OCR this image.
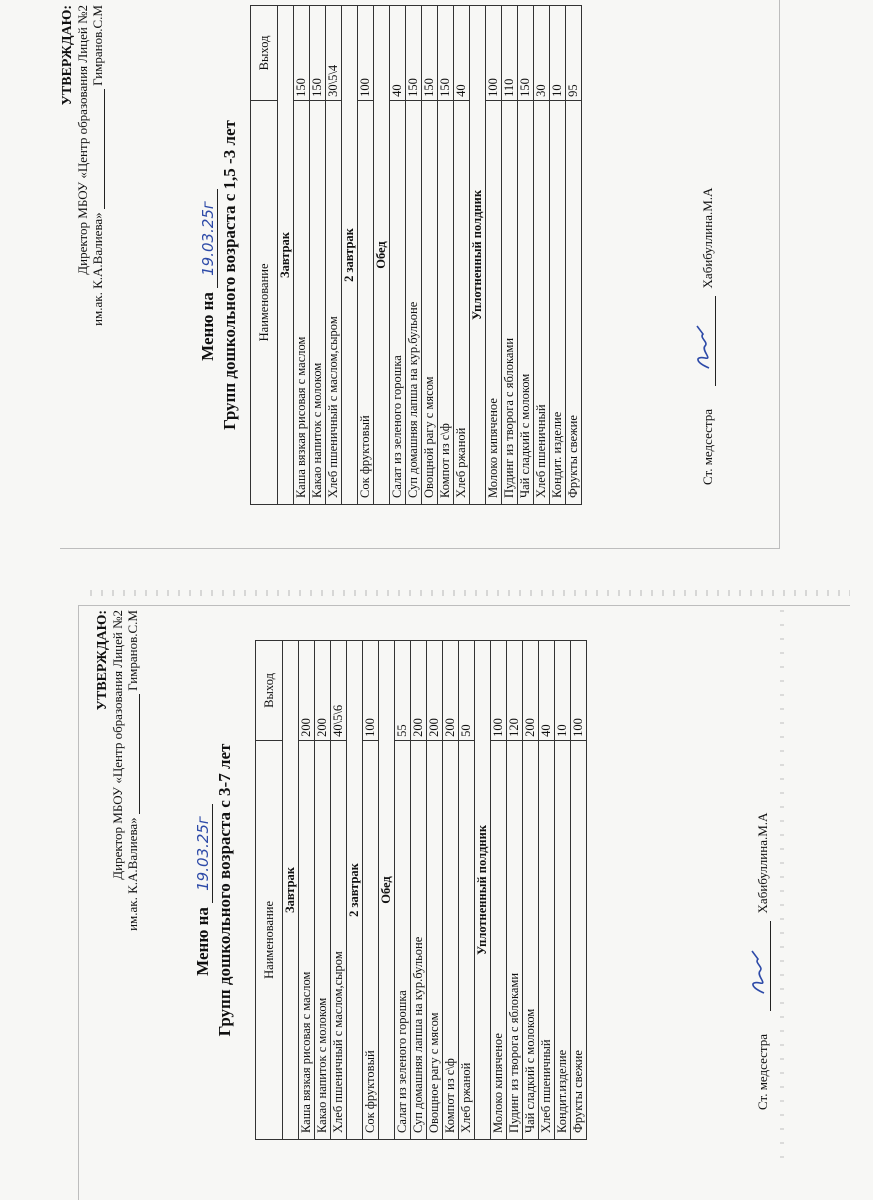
УТВЕРЖДАЮ: Директор МБОУ «Центр образования Лицей №2 им.ак. К.А.Валиева»  Гимранов.С.М
Меню на 19.03.25г Групп дошкольного возраста с 1,5 -3 лет Наименование	Выход
Завтрак	
Каша вязкая рисовая с маслом	150
Какао напиток с молоком	150
Хлеб пшеничный с маслом,сыром	30\5\4
2 завтрак	
Сок фруктовый	100
Обед	
Салат из зеленого горошка	40
Суп домашняя лапша на кур.бульоне	150
Овощной рагу с мясом	150
Компот из с\ф	150
Хлеб ржаной	40
Уплотненный полдник	
Молоко кипяченое	100
Пудинг из творога с яблоками	110
Чай сладкий с молоком	150
Хлеб пшеничный	30
Кондит. изделие	10
Фрукты свежие	95
Ст. медсестра
Хабибуллина.М.А
УТВЕРЖДАЮ: Директор МБОУ «Центр образования Лицей №2 им.ак. К.А.Валиева»  Гимранов.С.М
Меню на 19.03.25г Групп дошкольного возраста с 3-7 лет Наименование	Выход
Завтрак	
Каша вязкая рисовая с маслом	200
Какао напиток с молоком	200
Хлеб пшеничный с маслом,сыром	40\5\6
2 завтрак	
Сок фруктовый	100
Обед	
Салат из зеленого горошка	55
Суп домашняя лапша на кур.бульоне	200
Овощное рагу с мясом	200
Компот из с\ф	200
Хлеб ржаной	50
Уплотненный полдник	
Молоко кипяченое	100
Пудинг из творога с яблоками	120
Чай сладкий с молоком	200
Хлеб пшеничный	40
Кондит.изделие	10
Фрукты свежие	100
Ст. медсестра
Хабибуллина.М.А
